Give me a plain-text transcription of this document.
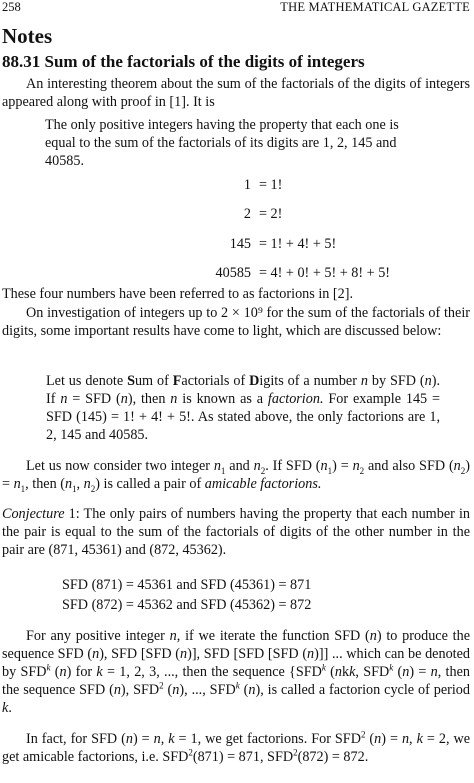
258	THE MATHEMATICAL GAZETTE
Notes
88.31 Sum of the factorials of the digits of integers
An interesting theorem about the sum of the factorials of the digits of integers appeared along with proof in [1]. It is
The only positive integers having the property that each one is equal to the sum of the factorials of its digits are 1, 2, 145 and 40585.
1 = 1!
2 = 2!
145 = 1! + 4! + 5!
40585 = 4! + 0! + 5! + 8! + 5!
These four numbers have been referred to as factorions in [2].
On investigation of integers up to 2 × 10⁹ for the sum of the factorials of their digits, some important results have come to light, which are discussed below:
Let us denote Sum of Factorials of Digits of a number n by SFD (n). If n = SFD (n), then n is known as a factorion. For example 145 = SFD (145) = 1! + 4! + 5!. As stated above, the only factorions are 1, 2, 145 and 40585.
Let us now consider two integer $n_1$ and $n_2$. If SFD $(n_1) = n_2$ and also SFD $(n_2) = n_1$, then ($n_1$, $n_2$) is called a pair of amicable factorions.
Conjecture 1: The only pairs of numbers having the property that each number in the pair is equal to the sum of the factorials of digits of the other number in the pair are (871, 45361) and (872, 45362).
SFD (871) = 45361 and SFD (45361) = 871
SFD (872) = 45362 and SFD (45362) = 872
For any positive integer n, if we iterate the function SFD (n) to produce the sequence SFD (n), SFD [SFD (n)], SFD [SFD [SFD (n)]] ... which can be denoted by SFD$^k$ (n) for k = 1, 2, 3, ..., then the sequence {SFD$^k$ (nkk, SFD$^k$ (n) = n, then the sequence SFD (n), SFD$^2$ (n), ..., SFD$^k$ (n), is called a factorion cycle of period k.
In fact, for SFD (n) = n, k = 1, we get factorions. For SFD$^2$ (n) = n, k = 2, we get amicable factorions, i.e. $SFD^2(871) = 871$, $SFD^2(872) = 872$.
